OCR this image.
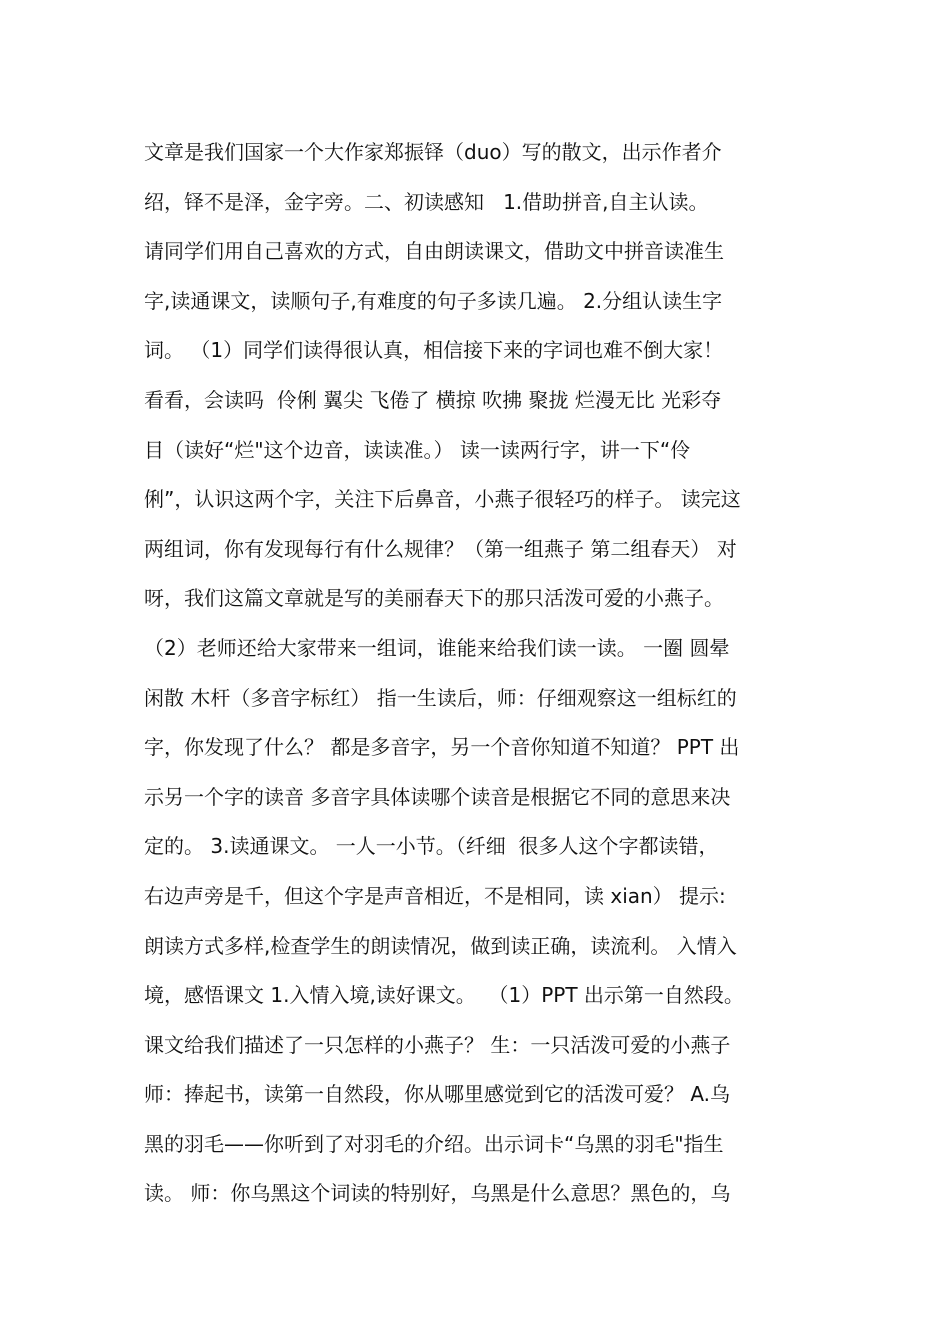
文章是我们国家一个大作家郑振铎（duo）写的散文，出示作者介
绍，铎不是泽，金字旁。二、初读感知   1.借助拼音,自主认读。
请同学们用自己喜欢的方式，自由朗读课文，借助文中拼音读准生
字,读通课文，读顺句子,有难度的句子多读几遍。 2.分组认读生字
词。 （1）同学们读得很认真，相信接下来的字词也难不倒大家！
看看，会读吗  伶俐 翼尖 飞倦了 横掠 吹拂 聚拢 烂漫无比 光彩夺
目（读好“烂"这个边音，读读准。） 读一读两行字，讲一下“伶
俐”，认识这两个字，关注下后鼻音，小燕子很轻巧的样子。 读完这
两组词，你有发现每行有什么规律？（第一组燕子 第二组春天） 对
呀，我们这篇文章就是写的美丽春天下的那只活泼可爱的小燕子。
（2）老师还给大家带来一组词，谁能来给我们读一读。 一圈 圆晕
闲散 木杆（多音字标红） 指一生读后，师：仔细观察这一组标红的
字，你发现了什么？ 都是多音字，另一个音你知道不知道？ PPT 出
示另一个字的读音 多音字具体读哪个读音是根据它不同的意思来决
定的。 3.读通课文。 一人一小节。（纤细  很多人这个字都读错，
右边声旁是千，但这个字是声音相近，不是相同，读 xian） 提示:
朗读方式多样,检查学生的朗读情况，做到读正确，读流利。 入情入
境，感悟课文 1.入情入境,读好课文。  （1）PPT 出示第一自然段。
课文给我们描述了一只怎样的小燕子？ 生：一只活泼可爱的小燕子
师：捧起书，读第一自然段，你从哪里感觉到它的活泼可爱？ A.乌
黑的羽毛——你听到了对羽毛的介绍。出示词卡“乌黑的羽毛"指生
读。 师：你乌黑这个词读的特别好，乌黑是什么意思？黑色的，乌
